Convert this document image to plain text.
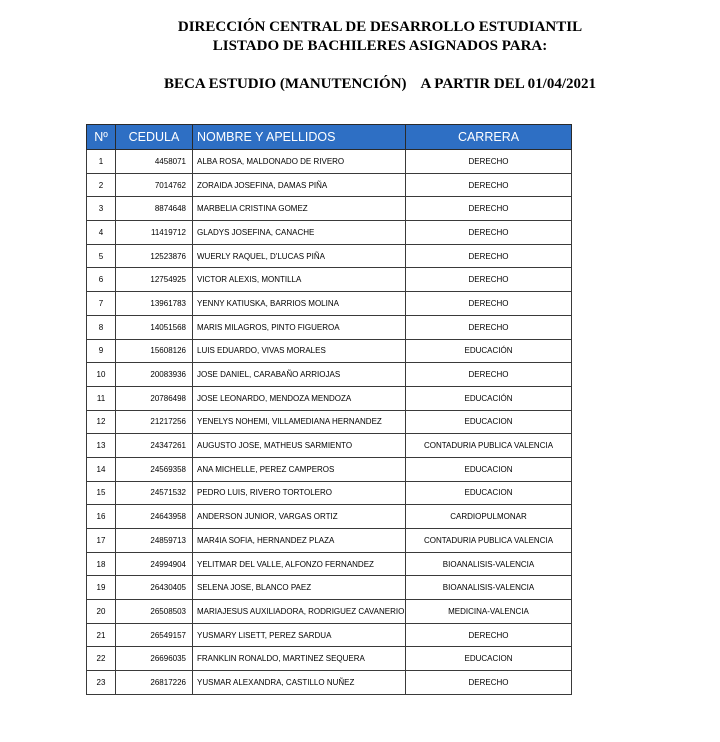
DIRECCIÓN CENTRAL DE DESARROLLO ESTUDIANTIL
LISTADO DE BACHILERES ASIGNADOS PARA:
BECA ESTUDIO (MANUTENCIÓN) A PARTIR DEL 01/04/2021
Nº	CEDULA	NOMBRE Y APELLIDOS	CARRERA
1	4458071	ALBA ROSA, MALDONADO DE RIVERO	DERECHO
2	7014762	ZORAIDA JOSEFINA, DAMAS PIÑA	DERECHO
3	8874648	MARBELIA CRISTINA GOMEZ	DERECHO
4	11419712	GLADYS JOSEFINA, CANACHE	DERECHO
5	12523876	WUERLY RAQUEL, D'LUCAS PIÑA	DERECHO
6	12754925	VICTOR ALEXIS, MONTILLA	DERECHO
7	13961783	YENNY KATIUSKA, BARRIOS MOLINA	DERECHO
8	14051568	MARIS MILAGROS, PINTO FIGUEROA	DERECHO
9	15608126	LUIS EDUARDO, VIVAS MORALES	EDUCACIÓN
10	20083936	JOSE DANIEL, CARABAÑO ARRIOJAS	DERECHO
11	20786498	JOSE LEONARDO, MENDOZA MENDOZA	EDUCACIÓN
12	21217256	YENELYS NOHEMI, VILLAMEDIANA HERNANDEZ	EDUCACION
13	24347261	AUGUSTO JOSE, MATHEUS SARMIENTO	CONTADURIA PUBLICA VALENCIA
14	24569358	ANA MICHELLE, PEREZ CAMPEROS	EDUCACION
15	24571532	PEDRO LUIS, RIVERO TORTOLERO	EDUCACION
16	24643958	ANDERSON JUNIOR, VARGAS ORTIZ	CARDIOPULMONAR
17	24859713	MAR4IA SOFIA, HERNANDEZ PLAZA	CONTADURIA PUBLICA VALENCIA
18	24994904	YELITMAR DEL VALLE, ALFONZO FERNANDEZ	BIOANALISIS-VALENCIA
19	26430405	SELENA JOSE, BLANCO PAEZ	BIOANALISIS-VALENCIA
20	26508503	MARIAJESUS AUXILIADORA, RODRIGUEZ CAVANERIO	MEDICINA-VALENCIA
21	26549157	YUSMARY LISETT, PEREZ SARDUA	DERECHO
22	26696035	FRANKLIN RONALDO, MARTINEZ SEQUERA	EDUCACION
23	26817226	YUSMAR ALEXANDRA, CASTILLO NUÑEZ	DERECHO
